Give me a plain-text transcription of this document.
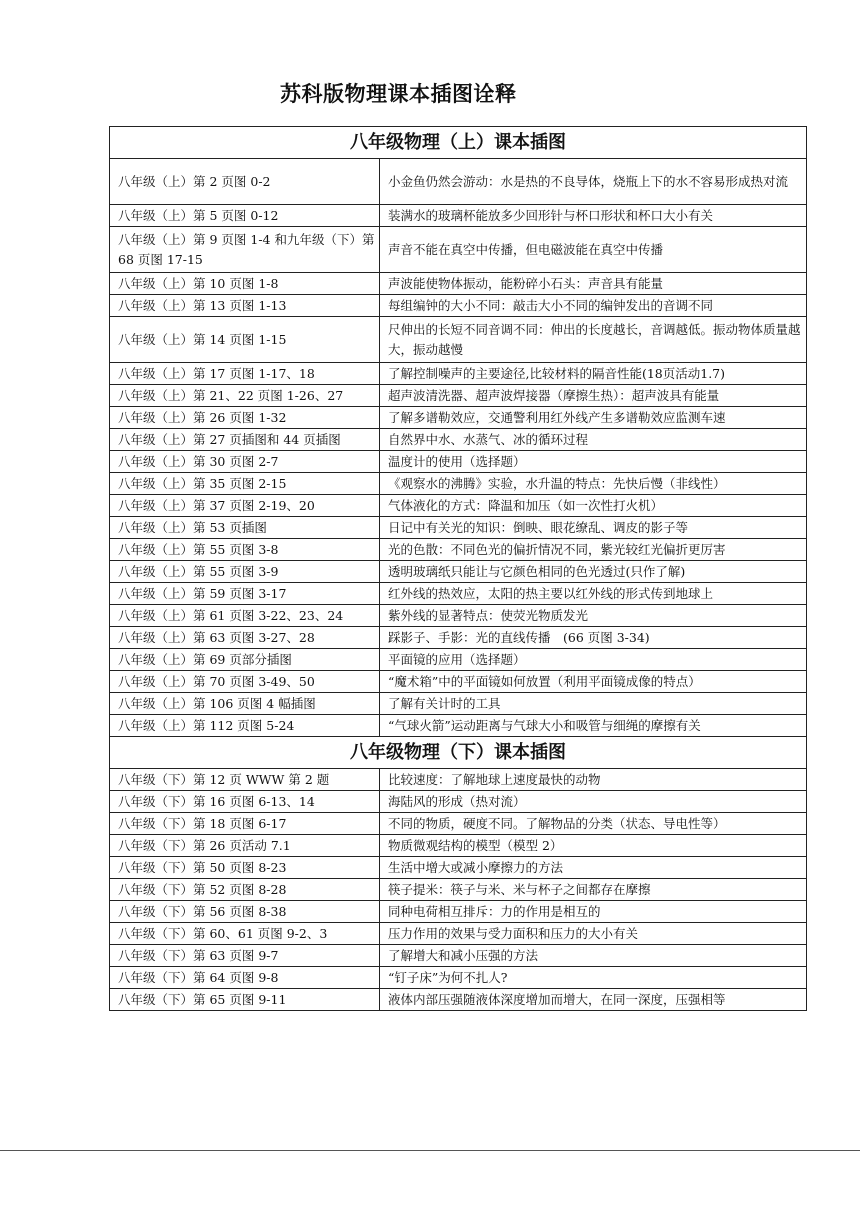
苏科版物理课本插图诠释
八年级物理（上）课本插图	
八年级（上）第 2 页图 0-2	小金鱼仍然会游动：水是热的不良导体，烧瓶上下的水不容易形成热对流
八年级（上）第 5 页图 0-12	装满水的玻璃杯能放多少回形针与杯口形状和杯口大小有关
八年级（上）第 9 页图 1-4 和九年级（下）第 68 页图 17-15	声音不能在真空中传播，但电磁波能在真空中传播
八年级（上）第 10 页图 1-8	声波能使物体振动，能粉碎小石头：声音具有能量
八年级（上）第 13 页图 1-13	每组编钟的大小不同：敲击大小不同的编钟发出的音调不同
八年级（上）第 14 页图 1-15	尺伸出的长短不同音调不同：伸出的长度越长，音调越低。振动物体质量越大，振动越慢
八年级（上）第 17 页图 1-17、18	了解控制噪声的主要途径,比较材料的隔音性能(18页活动1.7)
八年级（上）第 21、22 页图 1-26、27	超声波清洗器、超声波焊接器（摩擦生热）：超声波具有能量
八年级（上）第 26 页图 1-32	了解多谱勒效应，交通警利用红外线产生多谱勒效应监测车速
八年级（上）第 27 页插图和 44 页插图	自然界中水、水蒸气、冰的循环过程
八年级（上）第 30 页图 2-7	温度计的使用（选择题）
八年级（上）第 35 页图 2-15	《观察水的沸腾》实验，水升温的特点：先快后慢（非线性）
八年级（上）第 37 页图 2-19、20	气体液化的方式：降温和加压（如一次性打火机）
八年级（上）第 53 页插图	日记中有关光的知识：倒映、眼花缭乱、调皮的影子等
八年级（上）第 55 页图 3-8	光的色散：不同色光的偏折情况不同，紫光较红光偏折更厉害
八年级（上）第 55 页图 3-9	透明玻璃纸只能让与它颜色相同的色光透过(只作了解)
八年级（上）第 59 页图 3-17	红外线的热效应，太阳的热主要以红外线的形式传到地球上
八年级（上）第 61 页图 3-22、23、24	紫外线的显著特点：使荧光物质发光
八年级（上）第 63 页图 3-27、28	踩影子、手影：光的直线传播　(66 页图 3-34)
八年级（上）第 69 页部分插图	平面镜的应用（选择题）
八年级（上）第 70 页图 3-49、50	“魔术箱”中的平面镜如何放置（利用平面镜成像的特点）
八年级（上）第 106 页图 4 幅插图	了解有关计时的工具
八年级（上）第 112 页图 5-24	“气球火箭”运动距离与气球大小和吸管与细绳的摩擦有关
八年级物理（下）课本插图	
八年级（下）第 12 页 WWW 第 2 题	比较速度：了解地球上速度最快的动物
八年级（下）第 16 页图 6-13、14	海陆风的形成（热对流）
八年级（下）第 18 页图 6-17	不同的物质，硬度不同。了解物品的分类（状态、导电性等）
八年级（下）第 26 页活动 7.1	物质微观结构的模型（模型 2）
八年级（下）第 50 页图 8-23	生活中增大或减小摩擦力的方法
八年级（下）第 52 页图 8-28	筷子提米：筷子与米、米与杯子之间都存在摩擦
八年级（下）第 56 页图 8-38	同种电荷相互排斥：力的作用是相互的
八年级（下）第 60、61 页图 9-2、3	压力作用的效果与受力面积和压力的大小有关
八年级（下）第 63 页图 9-7	了解增大和减小压强的方法
八年级（下）第 64 页图 9-8	“钉子床”为何不扎人?
八年级（下）第 65 页图 9-11	液体内部压强随液体深度增加而增大，在同一深度，压强相等
